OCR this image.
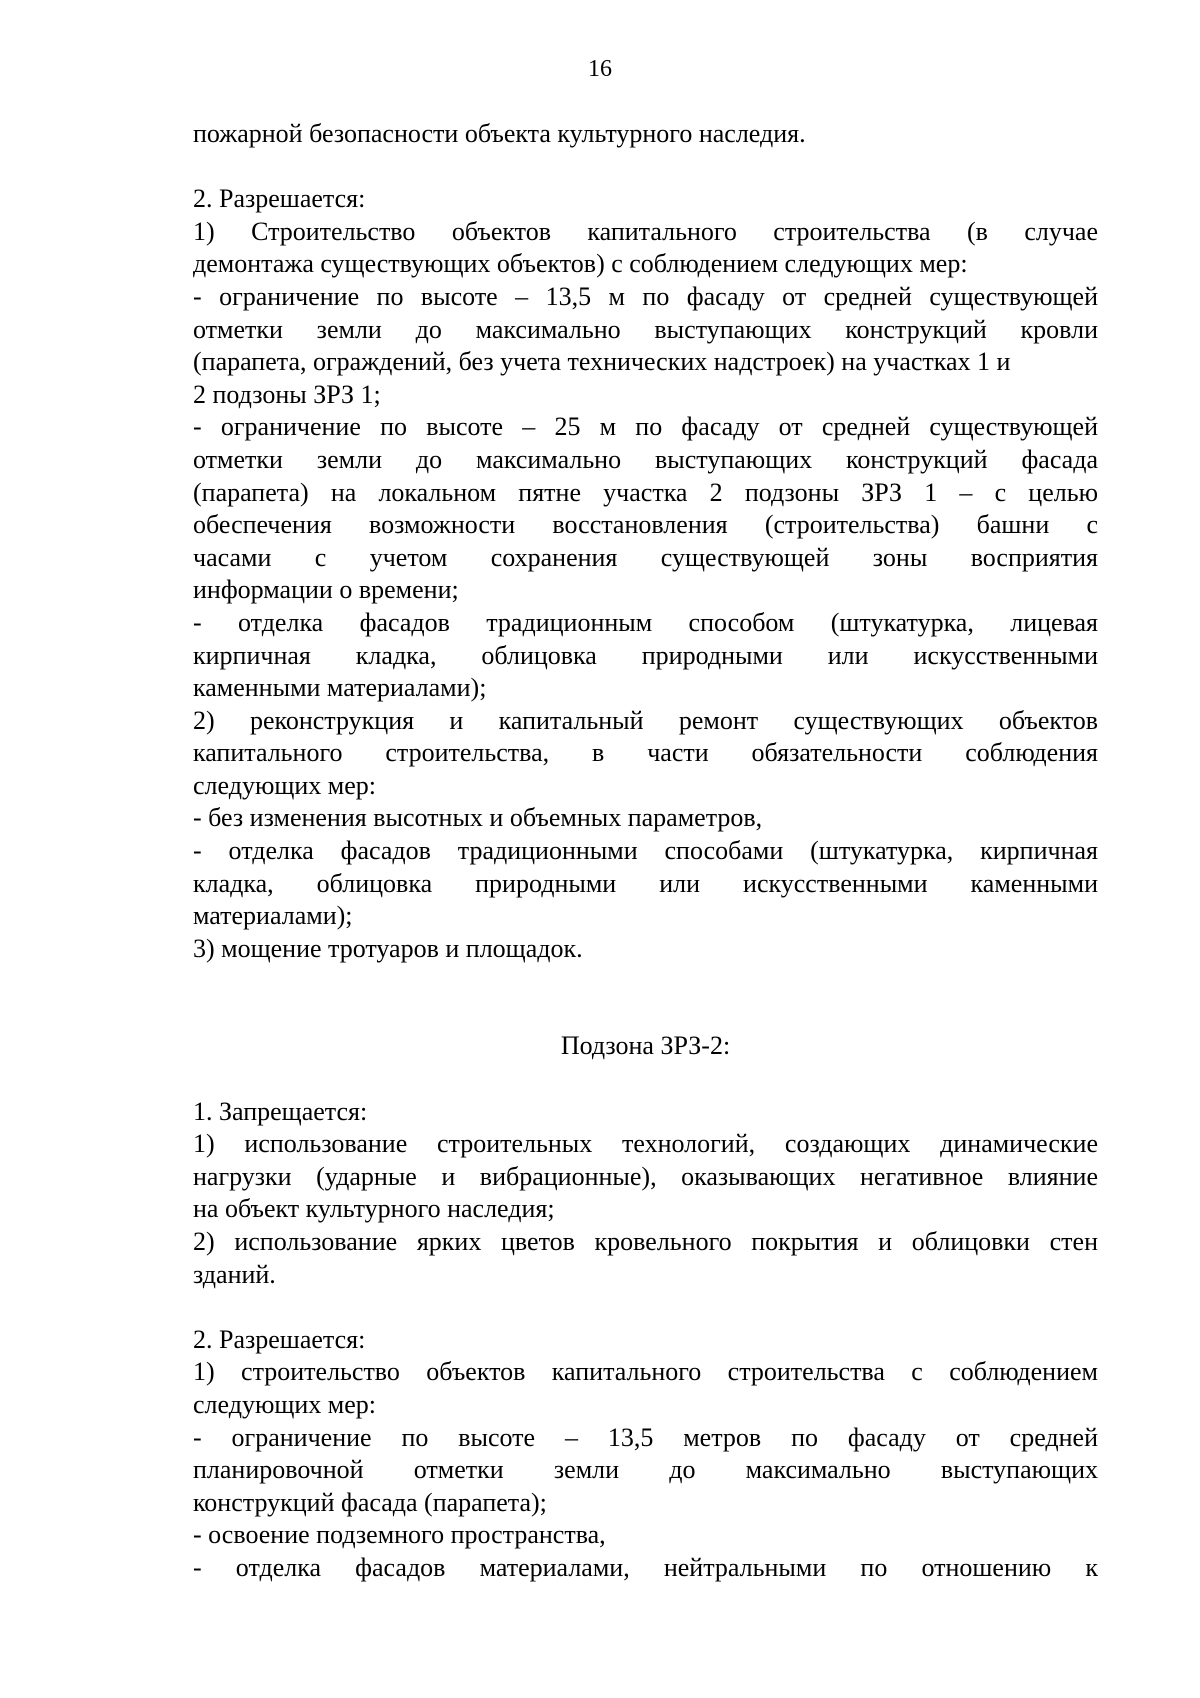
16
пожарной безопасности объекта культурного наследия.
2. Разрешается:
1) Строительство объектов капитального строительства (в случае
демонтажа существующих объектов) с соблюдением следующих мер:
- ограничение по высоте – 13,5 м по фасаду от средней существующей
отметки земли до максимально выступающих конструкций кровли
(парапета, ограждений, без учета технических надстроек) на участках 1 и
2 подзоны ЗРЗ 1;
- ограничение по высоте – 25 м по фасаду от средней существующей
отметки земли до максимально выступающих конструкций фасада
(парапета) на локальном пятне участка 2 подзоны ЗРЗ 1 – с целью
обеспечения возможности восстановления (строительства) башни с
часами с учетом сохранения существующей зоны восприятия
информации о времени;
- отделка фасадов традиционным способом (штукатурка, лицевая
кирпичная кладка, облицовка природными или искусственными
каменными материалами);
2) реконструкция и капитальный ремонт существующих объектов
капитального строительства, в части обязательности соблюдения
следующих мер:
- без изменения высотных и объемных параметров,
- отделка фасадов традиционными способами (штукатурка, кирпичная
кладка, облицовка природными или искусственными каменными
материалами);
3) мощение тротуаров и площадок.
Подзона ЗРЗ-2:
1. Запрещается:
1) использование строительных технологий, создающих динамические
нагрузки (ударные и вибрационные), оказывающих негативное влияние
на объект культурного наследия;
2) использование ярких цветов кровельного покрытия и облицовки стен
зданий.
2. Разрешается:
1) строительство объектов капитального строительства с соблюдением
следующих мер:
- ограничение по высоте – 13,5 метров по фасаду от средней
планировочной отметки земли до максимально выступающих
конструкций фасада (парапета);
- освоение подземного пространства,
- отделка фасадов материалами, нейтральными по отношению к
